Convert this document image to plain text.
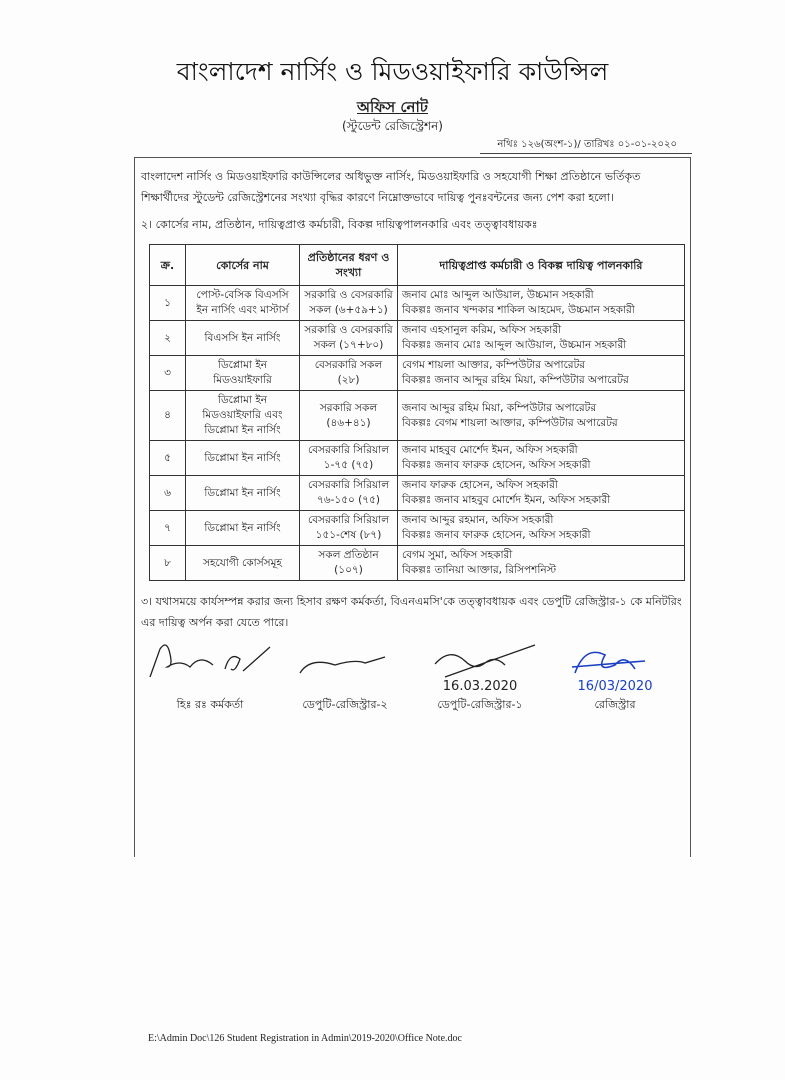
বাংলাদেশ নার্সিং ও মিডওয়াইফারি কাউন্সিল
অফিস নোট
(স্টুডেন্ট রেজিস্ট্রেশন)
নথিঃ ১২৬(অংশ-১)/ তারিখঃ ০১-০১-২০২০
বাংলাদেশ নার্সিং ও মিডওয়াইফারি কাউন্সিলের অধিভুক্ত নার্সিং, মিডওয়াইফারি ও সহযোগী শিক্ষা প্রতিষ্ঠানে ভর্তিকৃত শিক্ষার্থীদের স্টুডেন্ট রেজিস্ট্রেশনের সংখ্যা বৃদ্ধির কারণে নিম্নোক্তভাবে দায়িত্ব পুনঃবন্টনের জন্য পেশ করা হলো।
২। কোর্সের নাম, প্রতিষ্ঠান, দায়িত্বপ্রাপ্ত কর্মচারী, বিকল্প দায়িত্বপালনকারি এবং তত্ত্বাবধায়কঃ
ক্র.	কোর্সের নাম	প্রতিষ্ঠানের ধরণ ও সংখ্যা	দায়িত্বপ্রাপ্ত কর্মচারী ও বিকল্প দায়িত্ব পালনকারি
১	পোস্ট-বেসিক বিএসসি ইন নার্সিং এবং মাস্টার্স	সরকারি ও বেসরকারি সকল (৬+৫৯+১)	জনাব মোঃ আব্দুল আউয়াল, উচ্চমান সহকারী
বিকল্পঃ জনাব খন্দকার শাকিল আহমেদ, উচ্চমান সহকারী

২	বিএসসি ইন নার্সিং	সরকারি ও বেসরকারি সকল (১৭+৮০)	জনাব এহসানুল করিম, অফিস সহকারী
বিকল্পঃ জনাব মোঃ আব্দুল আউয়াল, উচ্চমান সহকারী

৩	ডিপ্লোমা ইন মিডওয়াইফারি	বেসরকারি সকল (২৮)	বেগম শায়লা আক্তার, কম্পিউটার অপারেটর
বিকল্পঃ জনাব আব্দুর রহিম মিয়া, কম্পিউটার অপারেটর

৪	ডিপ্লোমা ইন মিডওয়াইফারি এবং ডিপ্লোমা ইন নার্সিং	সরকারি সকল (৪৬+৪১)	জনাব আব্দুর রহিম মিয়া, কম্পিউটার অপারেটর
বিকল্পঃ বেগম শায়লা আক্তার, কম্পিউটার অপারেটর

৫	ডিপ্লোমা ইন নার্সিং	বেসরকারি সিরিয়াল ১-৭৫ (৭৫)	জনাব মাহবুব মোর্শেদ ইমন, অফিস সহকারী
বিকল্পঃ জনাব ফারুক হোসেন, অফিস সহকারী

৬	ডিপ্লোমা ইন নার্সিং	বেসরকারি সিরিয়াল ৭৬-১৫০ (৭৫)	জনাব ফারুক হোসেন, অফিস সহকারী
বিকল্পঃ জনাব মাহবুব মোর্শেদ ইমন, অফিস সহকারী

৭	ডিপ্লোমা ইন নার্সিং	বেসরকারি সিরিয়াল ১৫১-শেষ (৮৭)	জনাব আব্দুর রহমান, অফিস সহকারী
বিকল্পঃ জনাব ফারুক হোসেন, অফিস সহকারী

৮	সহযোগী কোর্সসমূহ	সকল প্রতিষ্ঠান (১০৭)	বেগম সুমা, অফিস সহকারী
বিকল্পঃ তানিয়া আক্তার, রিসিপশনিস্ট
৩। যথাসময়ে কার্যসম্পন্ন করার জন্য হিসাব রক্ষণ কর্মকর্তা, বিএনএমসি'কে তত্ত্বাবধায়ক এবং ডেপুটি রেজিস্ট্রার-১ কে মনিটরিং এর দায়িত্ব অর্পন করা যেতে পারে।
হিঃ রঃ কর্মকর্তা	ডেপুটি-রেজিস্ট্রার-২
16.03.2020
ডেপুটি-রেজিস্ট্রার-১
16/03/2020
রেজিস্ট্রার
E:\Admin Doc\126 Student Registration in Admin\2019-2020\Office Note.doc
